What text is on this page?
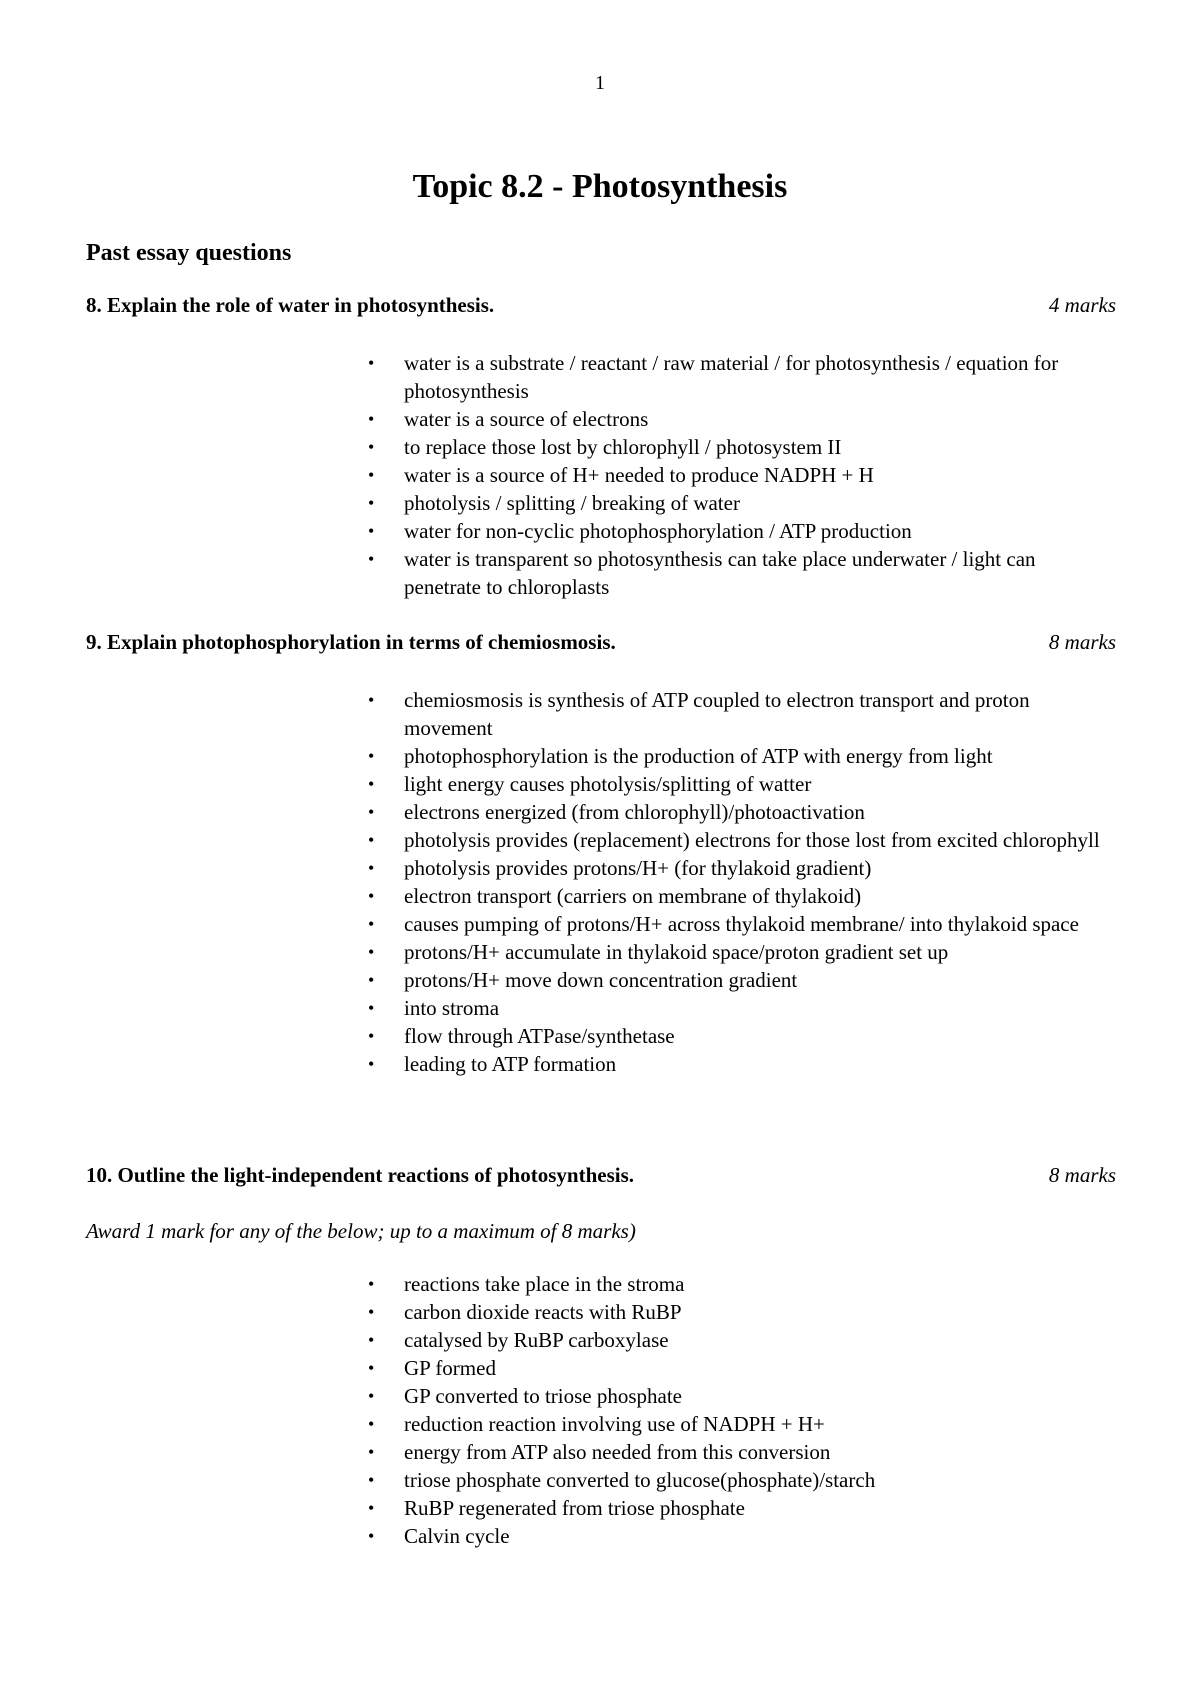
1
Topic 8.2 - Photosynthesis
Past essay questions
8. Explain the role of water in photosynthesis.	4 marks
• water is a substrate / reactant / raw material / for photosynthesis / equation for photosynthesis
• water is a source of electrons
• to replace those lost by chlorophyll / photosystem II
• water is a source of H+ needed to produce NADPH + H
• photolysis / splitting / breaking of water
• water for non-cyclic photophosphorylation / ATP production
• water is transparent so photosynthesis can take place underwater / light can penetrate to chloroplasts
9. Explain photophosphorylation in terms of chemiosmosis.	8 marks
• chemiosmosis is synthesis of ATP coupled to electron transport and proton movement
• photophosphorylation is the production of ATP with energy from light
• light energy causes photolysis/splitting of watter
• electrons energized (from chlorophyll)/photoactivation
• photolysis provides (replacement) electrons for those lost from excited chlorophyll
• photolysis provides protons/H+ (for thylakoid gradient)
• electron transport (carriers on membrane of thylakoid)
• causes pumping of protons/H+ across thylakoid membrane/ into thylakoid space
• protons/H+ accumulate in thylakoid space/proton gradient set up
• protons/H+ move down concentration gradient
• into stroma
• flow through ATPase/synthetase
• leading to ATP formation
10. Outline the light-independent reactions of photosynthesis.	8 marks
Award 1 mark for any of the below; up to a maximum of 8 marks)
• reactions take place in the stroma
• carbon dioxide reacts with RuBP
• catalysed by RuBP carboxylase
• GP formed
• GP converted to triose phosphate
• reduction reaction involving use of NADPH + H+
• energy from ATP also needed from this conversion
• triose phosphate converted to glucose(phosphate)/starch
• RuBP regenerated from triose phosphate
• Calvin cycle
